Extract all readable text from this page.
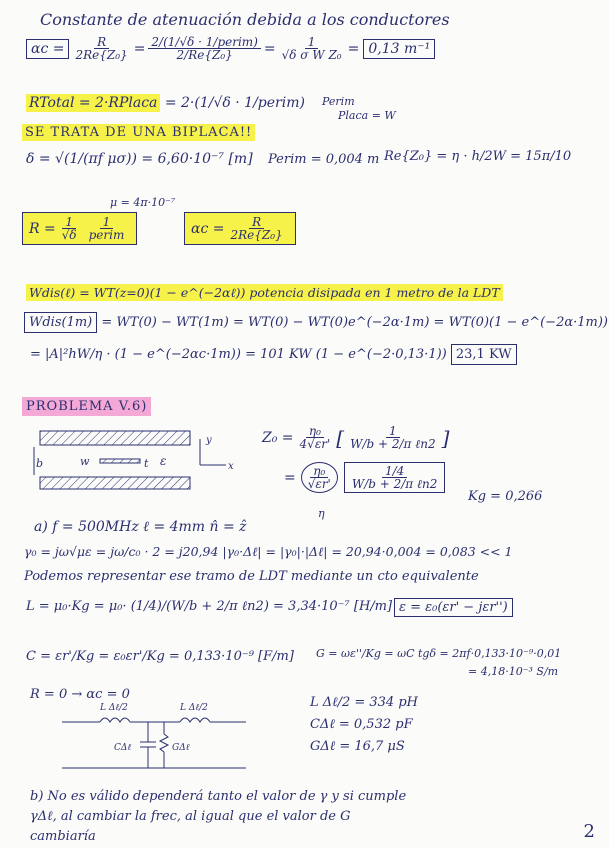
Constante de atenuación debida a los conductores
$\alpha c = \frac{R}{\text{2Re\{Z₀\}}} = \frac{\text{2/(1/√δ · 1/perim)}}{\text{2/Re\{Z₀\}}} = \frac{1}{\text{√δ σ W Z₀}} = 0,13$ m⁻¹
RTotal = 2·RPlaca = 2·(1/√δ · 1/perim) Perim
Placa = W
SE TRATA DE UNA BIPLACA!!
δ = √(1/(πf μσ)) = 6,60·10⁻⁷ [m] Perim = 0,004 m Re{Z₀} = η · h/2W = 15π/10
μ = 4π·10⁻⁷
$R = \frac{1}{√\delta} \frac{1}{\text{perim}}$	$\alpha c = \frac{R}{\text{2Re\{Z₀\}}}$
Wdis(ℓ) = WT(z=0)(1 − e^(−2αℓ)) potencia disipada en 1 metro de la LDT
Wdis(1m) = WT(0) − WT(1m) = WT(0) − WT(0)e^(−2α·1m) = WT(0)(1 − e^(−2α·1m))
= |A|²hW/η · (1 − e^(−2αc·1m)) = 101 KW (1 − e^(−2·0,13·1)) 23,1 KW
PROBLEMA V.6)
b	w	t ε
y
x
$Z_0 = \frac{\text{η₀}}{4√\varepsilon r'}$ [ $\frac{1}{\text{W/b + 2/π ℓn2}}$ ]
= $\frac{\text{η₀}}{√\varepsilon r'} \frac{1/4}{\text{W/b + 2/π ℓn2}}$
η
Kg = 0,266
a) f = 500MHz ℓ = 4mm n̂ = ẑ
γ₀ = jω√με = jω/c₀ · 2 = j20,94 |γ₀·Δℓ| = |γ₀|·|Δℓ| = 20,94·0,004 = 0,083 << 1
Podemos representar ese tramo de LDT mediante un cto equivalente
L = μ₀·Kg = μ₀· (1/4)/(W/b + 2/π ℓn2) = 3,34·10⁻⁷ [H/m] ε = ε₀(εr' − jεr'')
C = εr'/Kg = ε₀εr'/Kg = 0,133·10⁻⁹ [F/m] G = ωε''/Kg = ωC tgδ = 2πf·0,133·10⁻⁹·0,01
= 4,18·10⁻³ S/m
R = 0 → αc = 0
L Δℓ/2	L Δℓ/2
CΔℓ	GΔℓ
L Δℓ/2 = 334 pH
CΔℓ = 0,532 pF
GΔℓ = 16,7 μS
b) No es válido dependerá tanto el valor de γ y si cumple
γΔℓ, al cambiar la frec, al igual que el valor de G
cambiaría	2
